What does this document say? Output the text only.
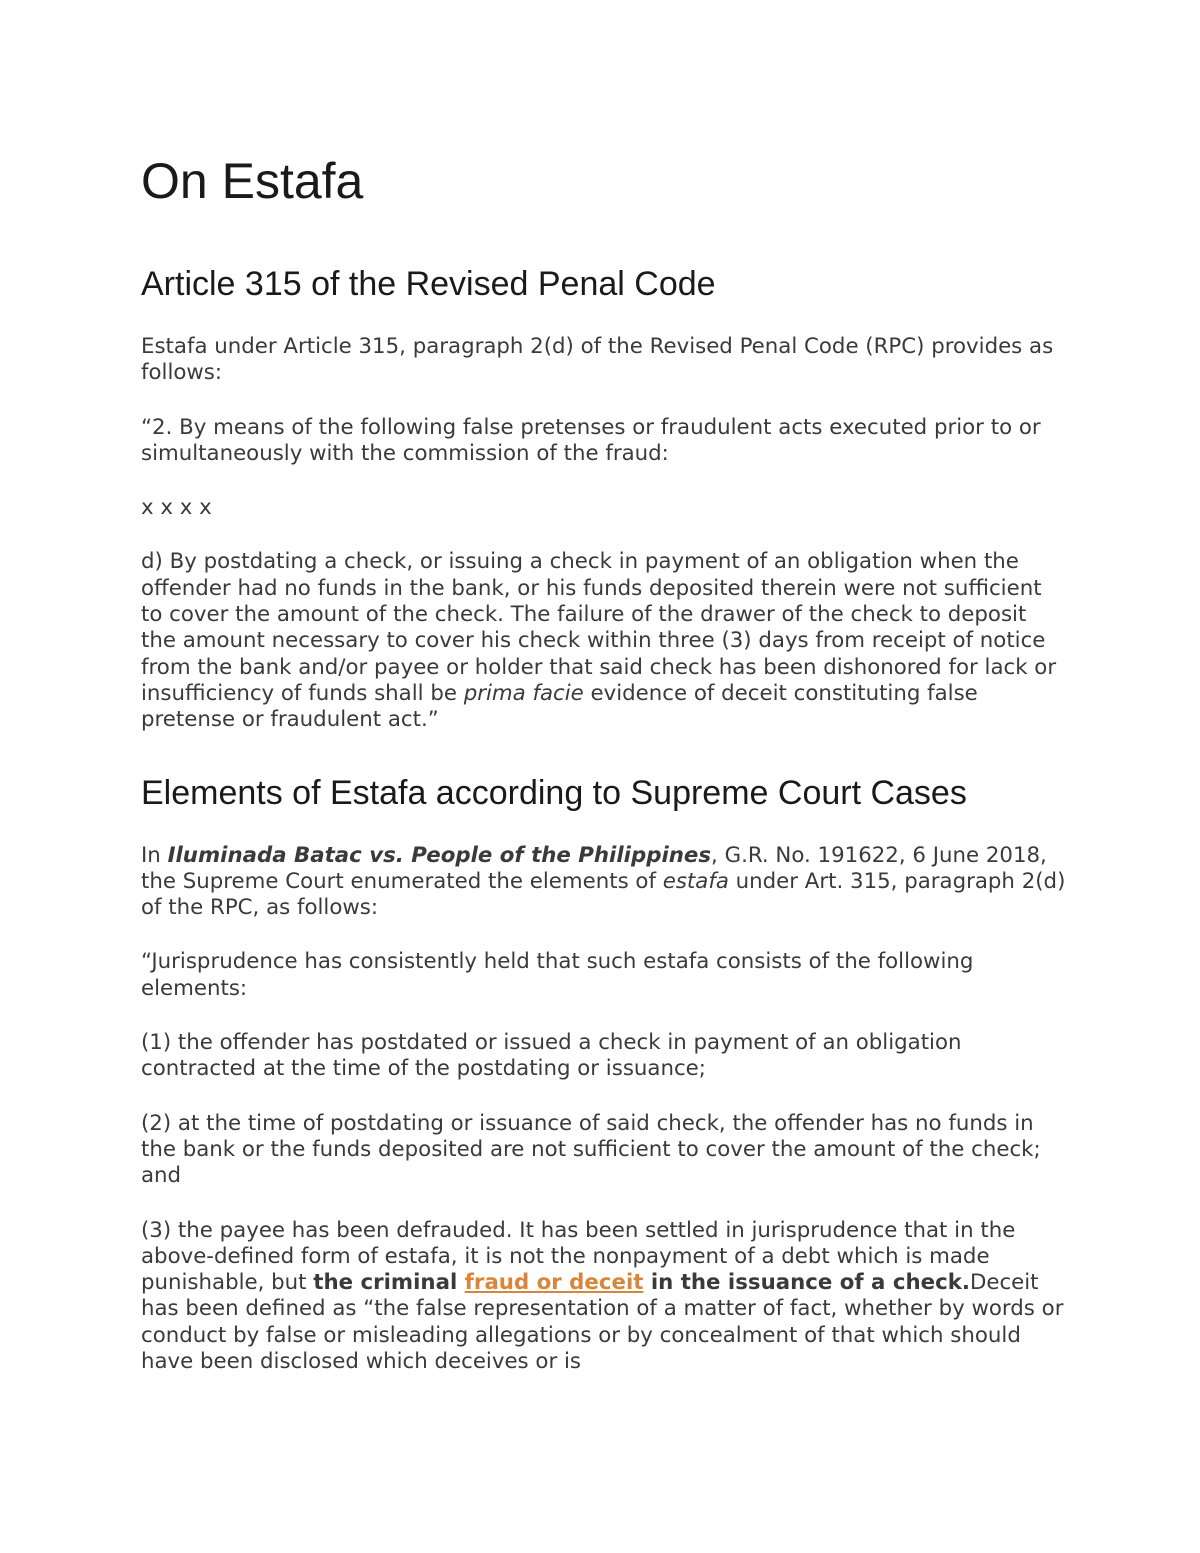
On Estafa
Article 315 of the Revised Penal Code

Estafa under Article 315, paragraph 2(d) of the Revised Penal Code (RPC) provides as follows:

“2. By means of the following false pretenses or fraudulent acts executed prior to or simultaneously with the commission of the fraud:

x x x x

d) By postdating a check, or issuing a check in payment of an obligation when the offender had no funds in the bank, or his funds deposited therein were not sufficient to cover the amount of the check. The failure of the drawer of the check to deposit the amount necessary to cover his check within three (3) days from receipt of notice from the bank and/or payee or holder that said check has been dishonored for lack or insufficiency of funds shall be prima facie evidence of deceit constituting false pretense or fraudulent act.”

Elements of Estafa according to Supreme Court Cases

In Iluminada Batac vs. People of the Philippines, G.R. No. 191622, 6 June 2018, the Supreme Court enumerated the elements of estafa under Art. 315, paragraph 2(d) of the RPC, as follows:

“Jurisprudence has consistently held that such estafa consists of the following elements:

(1) the offender has postdated or issued a check in payment of an obligation contracted at the time of the postdating or issuance;

(2) at the time of postdating or issuance of said check, the offender has no funds in the bank or the funds deposited are not sufficient to cover the amount of the check; and

(3) the payee has been defrauded. It has been settled in jurisprudence that in the above-defined form of estafa, it is not the nonpayment of a debt which is made punishable, but the criminal fraud or deceit in the issuance of a check.Deceit has been defined as “the false representation of a matter of fact, whether by words or conduct by false or misleading allegations or by concealment of that which should have been disclosed which deceives or is
